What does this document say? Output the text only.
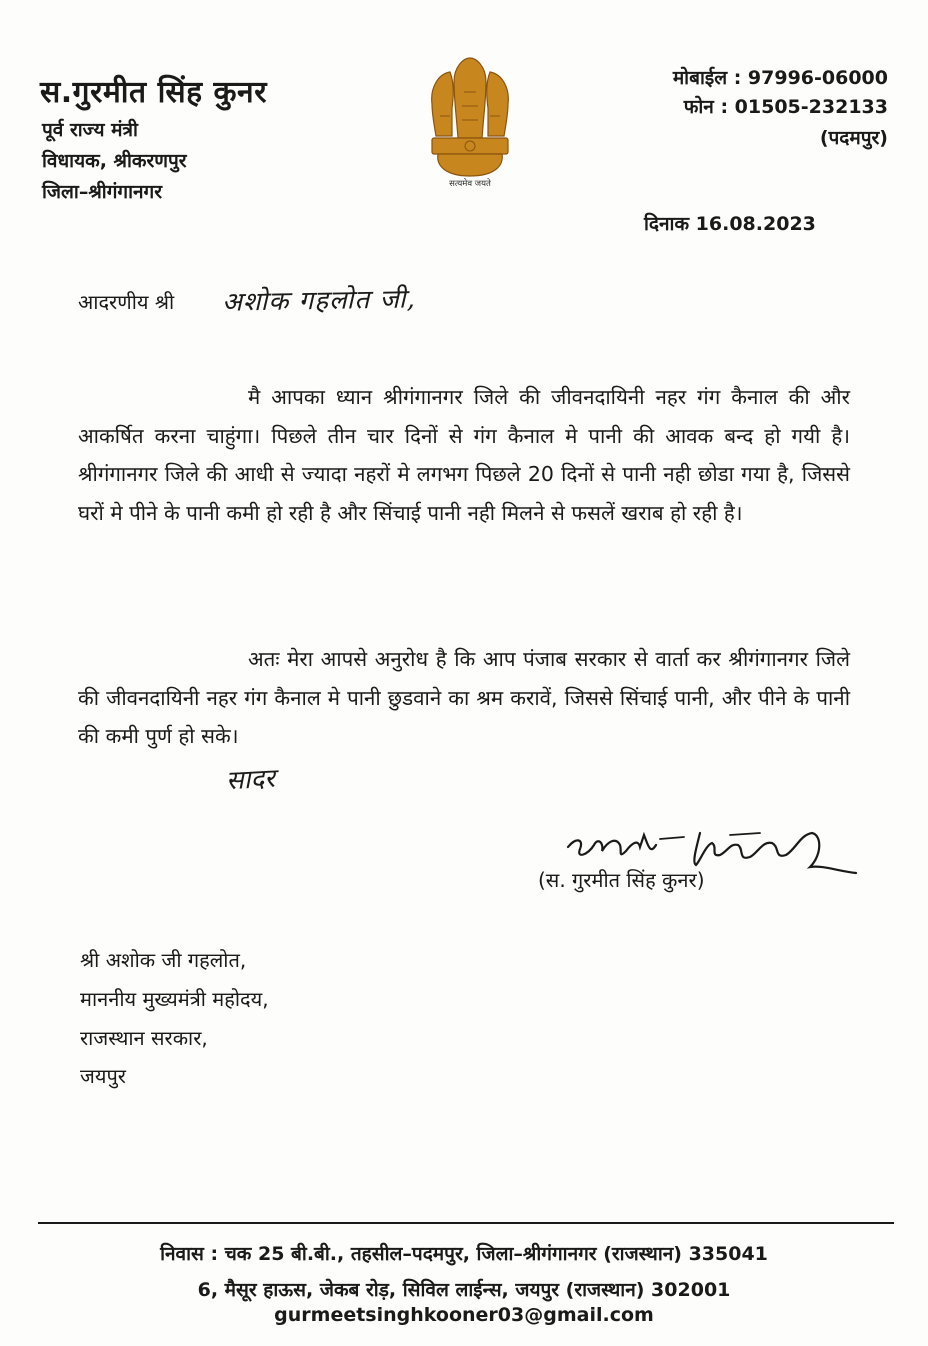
स.गुरमीत सिंह कुनर
पूर्व राज्य मंत्री
विधायक, श्रीकरणपुर
जिला–श्रीगंगानगर	सत्यमेव जयते
मोबाईल : 97996-06000
फोन : 01505-232133
(पदमपुर)
दिनाक 16.08.2023
आदरणीय श्री अशोक गहलोत जी,

मै आपका ध्यान श्रीगंगानगर जिले की जीवनदायिनी नहर गंग कैनाल की और आकर्षित करना चाहुंगा। पिछले तीन चार दिनों से गंग कैनाल मे पानी की आवक बन्द हो गयी है। श्रीगंगानगर जिले की आधी से ज्यादा नहरों मे लगभग पिछले 20 दिनों से पानी नही छोडा गया है, जिससे घरों मे पीने के पानी कमी हो रही है और सिंचाई पानी नही मिलने से फसलें खराब हो रही है।

अतः मेरा आपसे अनुरोध है कि आप पंजाब सरकार से वार्ता कर श्रीगंगानगर जिले की जीवनदायिनी नहर गंग कैनाल मे पानी छुडवाने का श्रम करावें, जिससे सिंचाई पानी, और पीने के पानी की कमी पुर्ण हो सके।

सादर
(स. गुरमीत सिंह कुनर)
श्री अशोक जी गहलोत,
माननीय मुख्यमंत्री महोदय,
राजस्थान सरकार,
जयपुर
निवास : चक 25 बी.बी., तहसील–पदमपुर, जिला–श्रीगंगानगर (राजस्थान) 335041
6, मैसूर हाऊस, जेकब रोड़, सिविल लाईन्स, जयपुर (राजस्थान) 302001
gurmeetsinghkooner03@gmail.com
